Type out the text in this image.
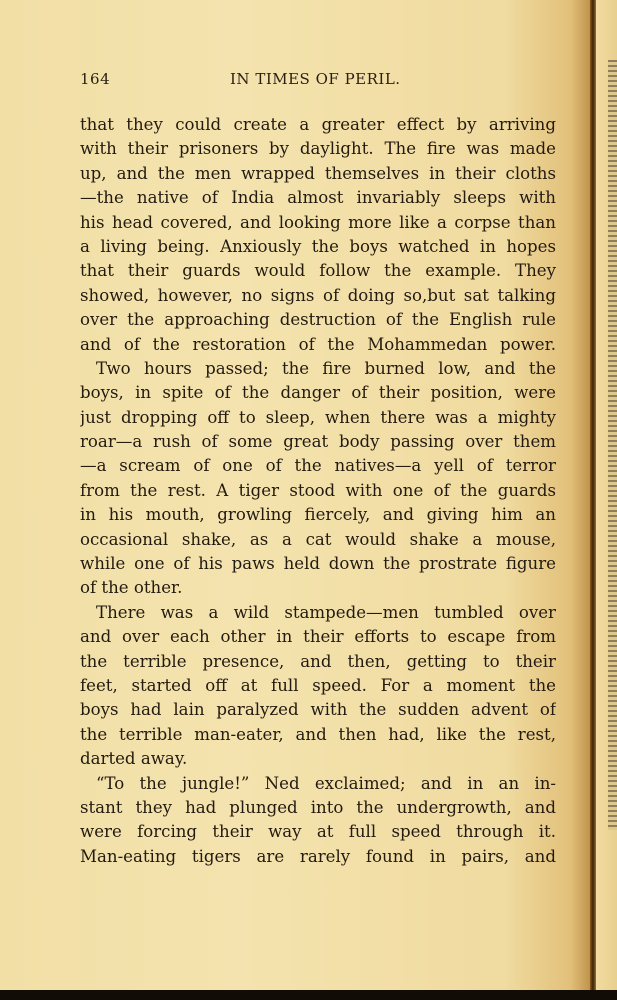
164	IN TIMES OF PERIL.
that they could create a greater effect by arriving
with their prisoners by daylight. The fire was made
up, and the men wrapped themselves in their cloths
—the native of India almost invariably sleeps with
his head covered, and looking more like a corpse than
a living being. Anxiously the boys watched in hopes
that their guards would follow the example. They
showed, however, no signs of doing so,but sat talking
over the approaching destruction of the English rule
and of the restoration of the Mohammedan power.
Two hours passed; the fire burned low, and the
boys, in spite of the danger of their position, were
just dropping off to sleep, when there was a mighty
roar—a rush of some great body passing over them
—a scream of one of the natives—a yell of terror
from the rest. A tiger stood with one of the guards
in his mouth, growling fiercely, and giving him an
occasional shake, as a cat would shake a mouse,
while one of his paws held down the prostrate figure
of the other.
There was a wild stampede—men tumbled over
and over each other in their efforts to escape from
the terrible presence, and then, getting to their
feet, started off at full speed. For a moment the
boys had lain paralyzed with the sudden advent of
the terrible man-eater, and then had, like the rest,
darted away.
“To the jungle!” Ned exclaimed; and in an in-
stant they had plunged into the undergrowth, and
were forcing their way at full speed through it.
Man-eating tigers are rarely found in pairs, and
